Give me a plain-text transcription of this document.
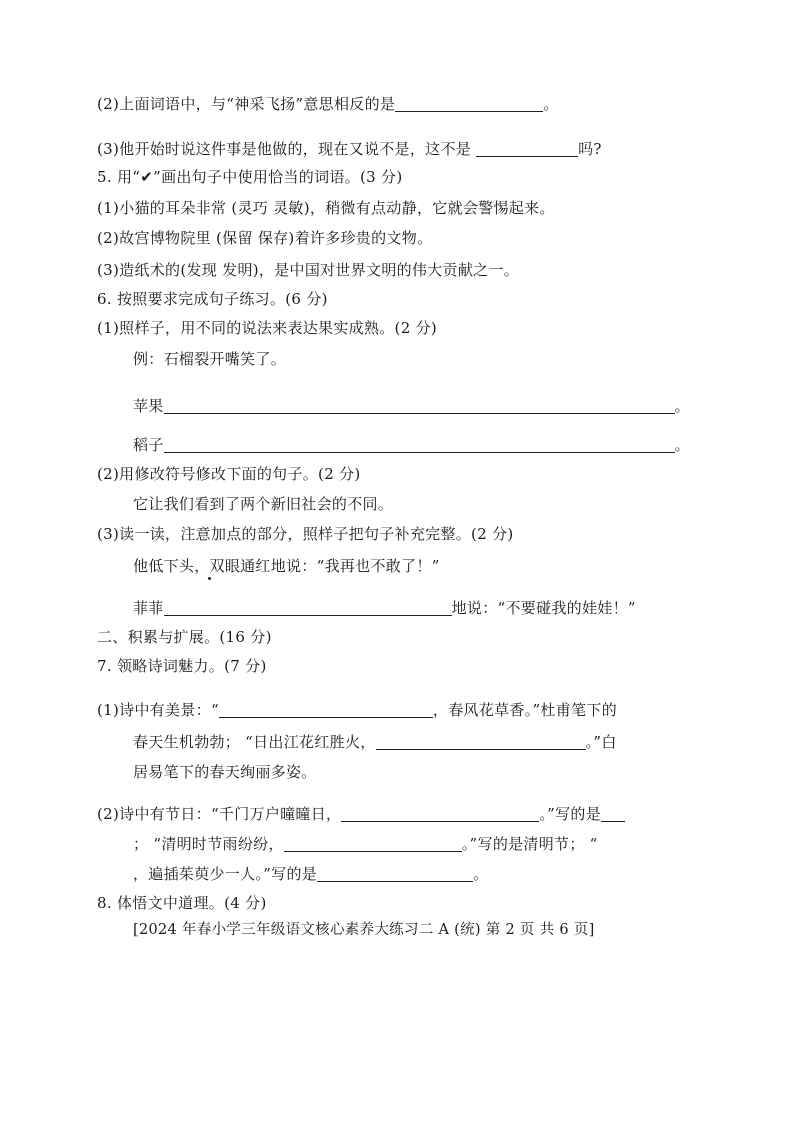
(2)上面词语中，与“神采飞扬”意思相反的是	。
(3)他开始时说这件事是他做的，现在又说不是，这不是	吗?
5. 用“✔”画出句子中使用恰当的词语。(3 分)
(1)小猫的耳朵非常 (灵巧 灵敏)，稍微有点动静，它就会警惕起来。
(2)故宫博物院里 (保留 保存)着许多珍贵的文物。
(3)造纸术的(发现 发明)，是中国对世界文明的伟大贡献之一。
6. 按照要求完成句子练习。(6 分)
(1)照样子，用不同的说法来表达果实成熟。(2 分)
例：石榴裂开嘴笑了。
苹果	。
稻子	。
(2)用修改符号修改下面的句子。(2 分)
它让我们看到了两个新旧社会的不同。
(3)读一读，注意加点的部分，照样子把句子补充完整。(2 分)
他低下头，双眼通红地说：“我再也不敢了！”
菲菲	地说：“不要碰我的娃娃！”
二、积累与扩展。(16 分)
7. 领略诗词魅力。(7 分)
(1)诗中有美景：“	，春风花草香。”杜甫笔下的
春天生机勃勃； “日出江花红胜火，	。”白
居易笔下的春天绚丽多姿。
(2)诗中有节日：“千门万户曈曈日，	。”写的是
； “清明时节雨纷纷，	。”写的是清明节； “
，遍插茱萸少一人。”写的是	。
8. 体悟文中道理。(4 分)
[2024 年春小学三年级语文核心素养大练习二 A (统) 第 2 页 共 6 页]
